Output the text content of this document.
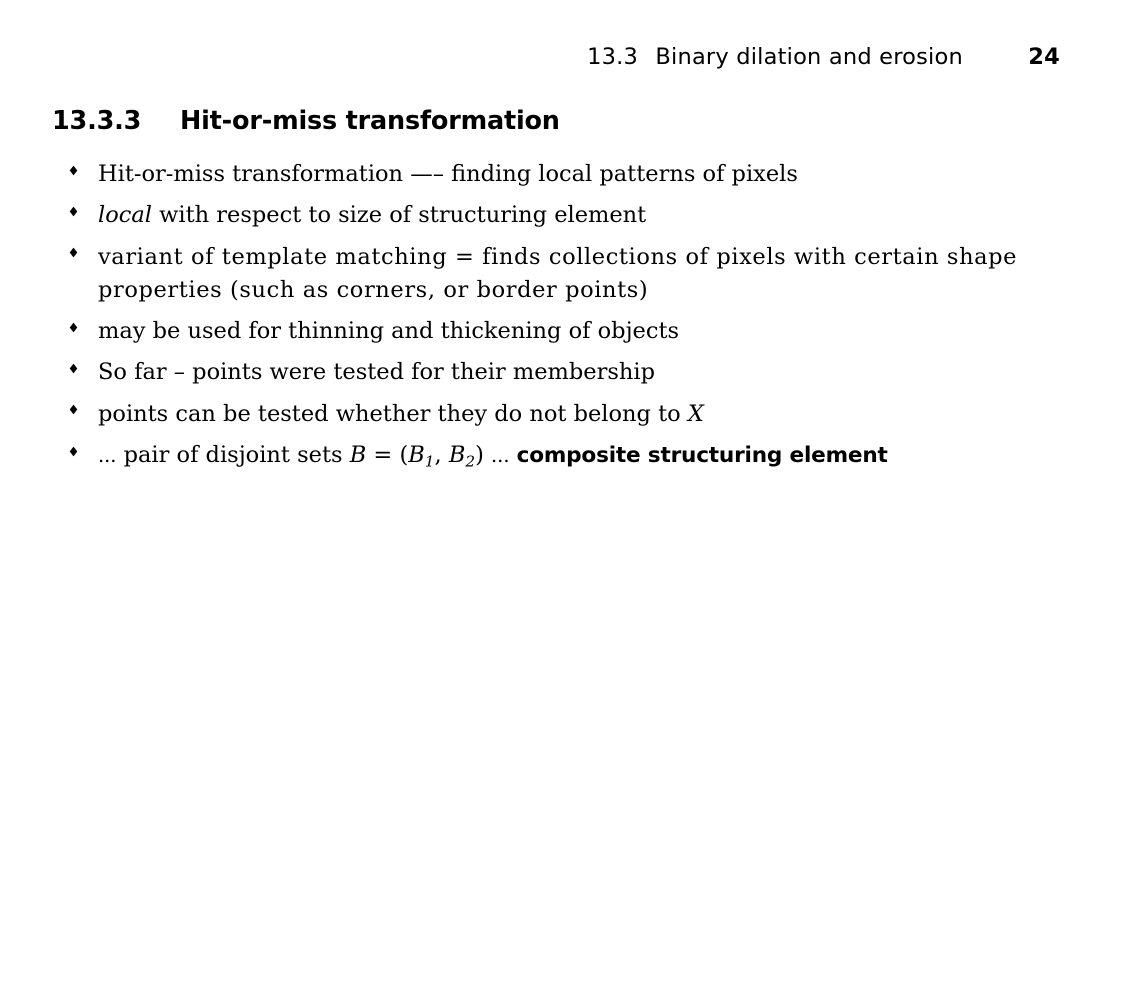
13.3 Binary dilation and erosion	24
13.3.3 Hit-or-miss transformation
Hit-or-miss transformation —– finding local patterns of pixels
local with respect to size of structuring element
variant of template matching = finds collections of pixels with certain shape properties (such as corners, or border points)
may be used for thinning and thickening of objects
So far – points were tested for their membership
points can be tested whether they do not belong to X
... pair of disjoint sets $B = (B_1$, $B_2$) ... composite structuring element
